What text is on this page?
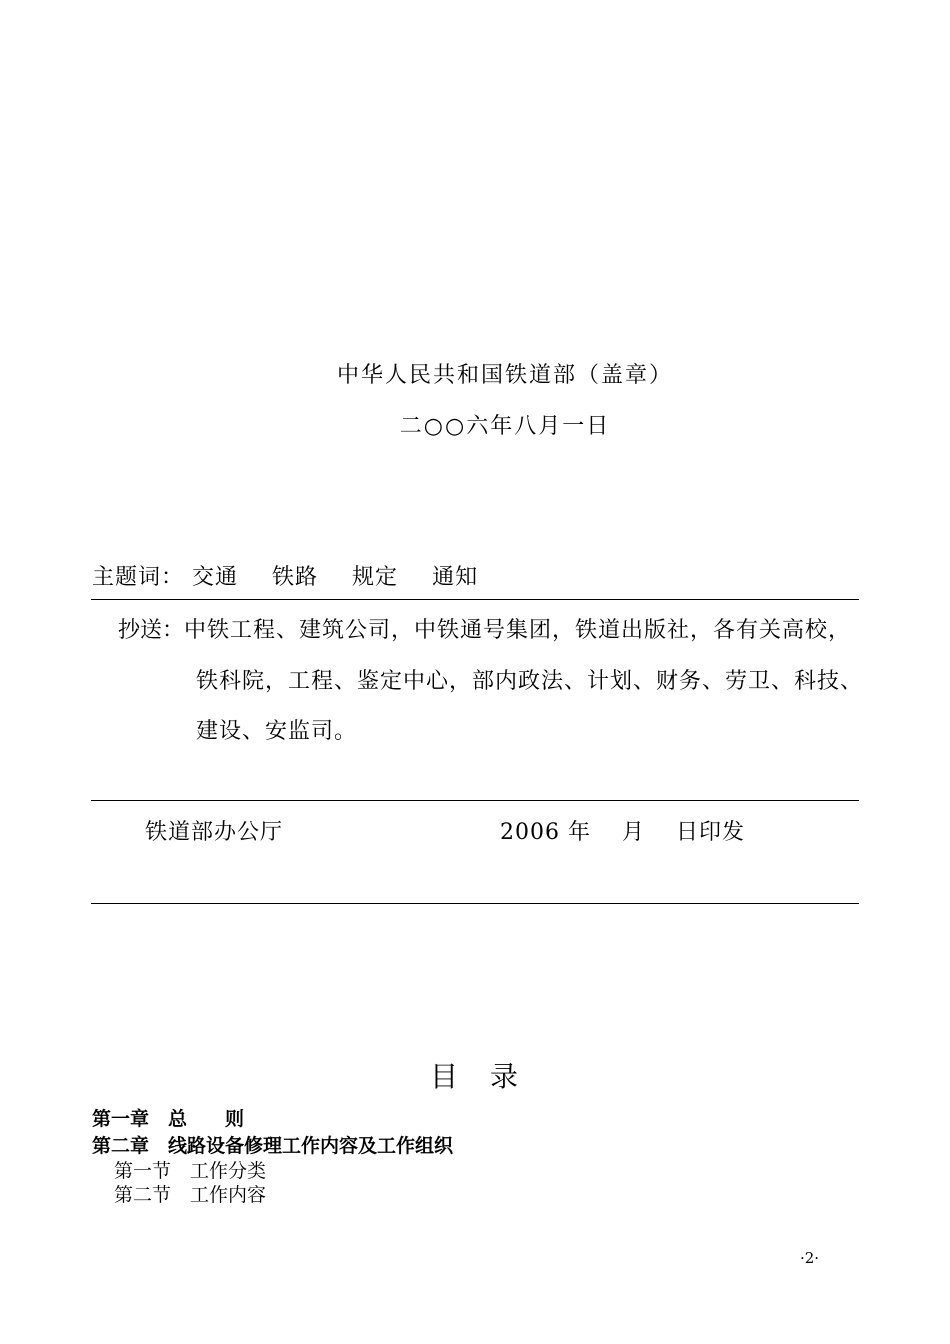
中华人民共和国铁道部（盖章）
二○○六年八月一日
主题词： 交通 铁路 规定 通知
抄送： 中铁工程、建筑公司，中铁通号集团，铁道出版社，各有关高校，
铁科院，工程、鉴定中心，部内政法、计划、财务、劳卫、科技、
建设、安监司。
铁道部办公厅	2006 年　 月　 日印发
目　录
第一章　总　　则
第二章　线路设备修理工作内容及工作组织
第一节　工作分类
第二节　工作内容
·2·
